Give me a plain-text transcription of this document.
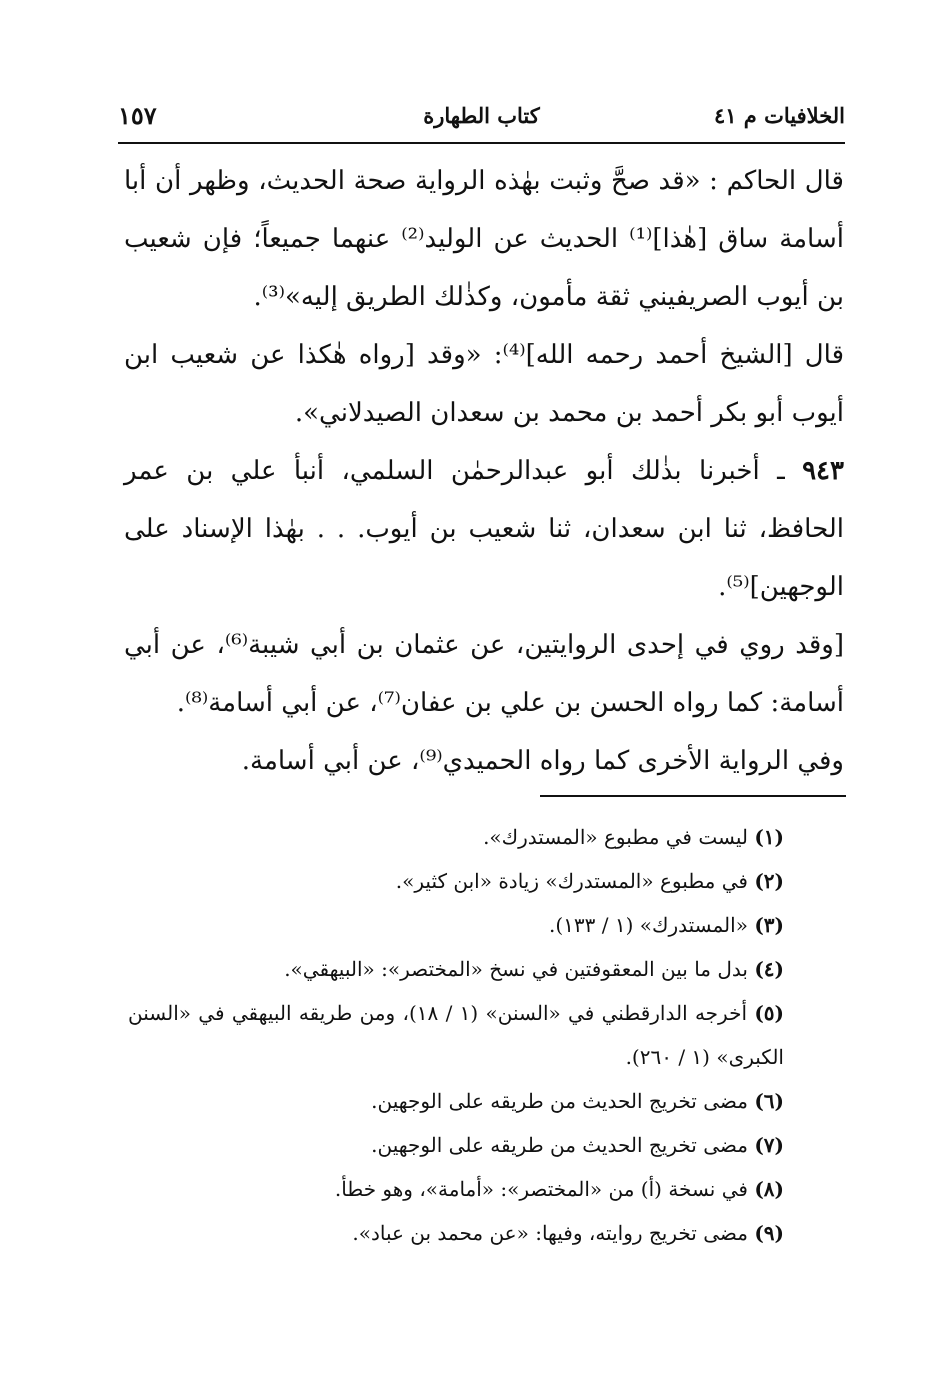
الخلافيات م ٤١
كتاب الطهارة
١٥٧
قال الحاكم : «قد صحَّ وثبت بهٰذه الرواية صحة الحديث، وظهر أن أبا أسامة ساق [هٰذا]⁽¹⁾ الحديث عن الوليد⁽²⁾ عنهما جميعاً؛ فإن شعيب بن أيوب الصريفيني ثقة مأمون، وكذٰلك الطريق إليه»⁽³⁾.
قال [الشيخ أحمد رحمه الله]⁽⁴⁾: «وقد [رواه هٰكذا عن شعيب ابن أيوب أبو بكر أحمد بن محمد بن سعدان الصيدلاني».
٩٤٣ ـ أخبرنا بذٰلك أبو عبدالرحمٰن السلمي، أنبأ علي بن عمر الحافظ، ثنا ابن سعدان، ثنا شعيب بن أيوب. . . بهٰذا الإسناد على الوجهين]⁽⁵⁾.
[وقد روي في إحدى الروايتين، عن عثمان بن أبي شيبة⁽⁶⁾، عن أبي أسامة: كما رواه الحسن بن علي بن عفان⁽⁷⁾، عن أبي أسامة⁽⁸⁾.
وفي الرواية الأخرى كما رواه الحميدي⁽⁹⁾، عن أبي أسامة.
(١) ليست في مطبوع «المستدرك».
(٢) في مطبوع «المستدرك» زيادة «ابن كثير».
(٣) «المستدرك» (١ / ١٣٣).
(٤) بدل ما بين المعقوفتين في نسخ «المختصر»: «البيهقي».
(٥) أخرجه الدارقطني في «السنن» (١ / ١٨)، ومن طريقه البيهقي في «السنن الكبرى» (١ / ٢٦٠).
(٦) مضى تخريج الحديث من طريقه على الوجهين.
(٧) مضى تخريج الحديث من طريقه على الوجهين.
(٨) في نسخة (أ) من «المختصر»: «أمامة»، وهو خطأ.
(٩) مضى تخريج روايته، وفيها: «عن محمد بن عباد».
